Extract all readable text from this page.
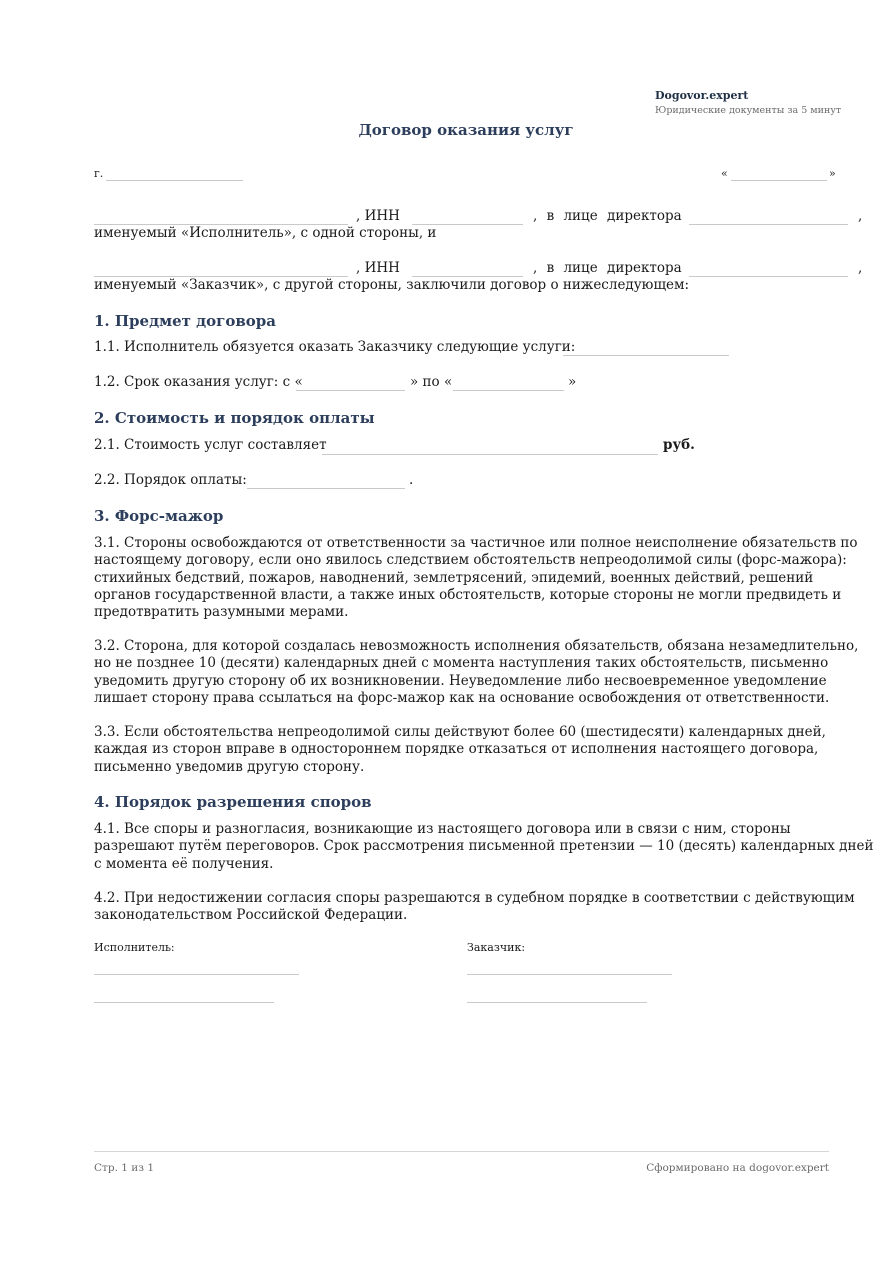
Dogovor.expert
Юридические документы за 5 минут
Договор оказания услуг
г.	«	»
, ИНН	, в лице директора	,
именуемый «Исполнитель», с одной стороны, и
, ИНН	, в лице директора	,
именуемый «Заказчик», с другой стороны, заключили договор о нижеследующем:
1. Предмет договора
1.1. Исполнитель обязуется оказать Заказчику следующие услуги:
1.2. Срок оказания услуг: с «	» по «	»
2. Стоимость и порядок оплаты
2.1. Стоимость услуг составляет	руб.
2.2. Порядок оплаты:	.
3. Форс-мажор
3.1. Стороны освобождаются от ответственности за частичное или полное неисполнение обязательств по настоящему договору, если оно явилось следствием обстоятельств непреодолимой силы (форс-мажора): стихийных бедствий, пожаров, наводнений, землетрясений, эпидемий, военных действий, решений органов государственной власти, а также иных обстоятельств, которые стороны не могли предвидеть и предотвратить разумными мерами.
3.2. Сторона, для которой создалась невозможность исполнения обязательств, обязана незамедлительно, но не позднее 10 (десяти) календарных дней с момента наступления таких обстоятельств, письменно уведомить другую сторону об их возникновении. Неуведомление либо несвоевременное уведомление лишает сторону права ссылаться на форс-мажор как на основание освобождения от ответственности.
3.3. Если обстоятельства непреодолимой силы действуют более 60 (шестидесяти) календарных дней, каждая из сторон вправе в одностороннем порядке отказаться от исполнения настоящего договора, письменно уведомив другую сторону.
4. Порядок разрешения споров
4.1. Все споры и разногласия, возникающие из настоящего договора или в связи с ним, стороны разрешают путём переговоров. Срок рассмотрения письменной претензии — 10 (десять) календарных дней с момента её получения.
4.2. При недостижении согласия споры разрешаются в судебном порядке в соответствии с действующим законодательством Российской Федерации.
Исполнитель:	Заказчик:
Стр. 1 из 1	Сформировано на dogovor.expert
